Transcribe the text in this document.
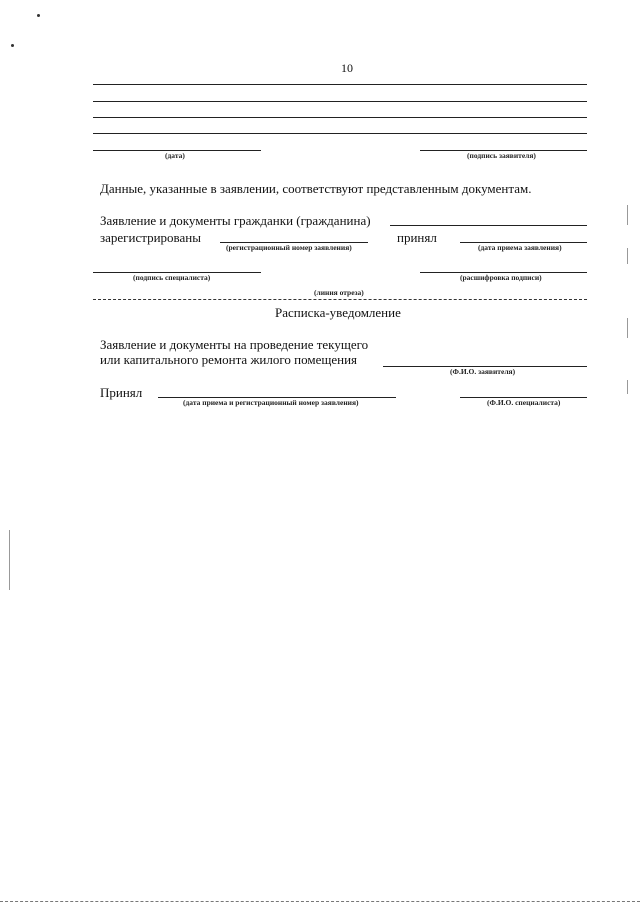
10
(дата)	(подпись заявителя)
Данные, указанные в заявлении, соответствуют представленным документам.
Заявление и документы гражданки (гражданина)
зарегистрированы
(регистрационный номер заявления)
принял
(дата приема заявления)
(подпись специалиста)	(расшифровка подписи)
(линия отреза)
Расписка-уведомление
Заявление и документы на проведение текущего
или капитального ремонта жилого помещения
(Ф.И.О. заявителя)
Принял
(дата приема и регистрационный номер заявления)	(Ф.И.О. специалиста)
